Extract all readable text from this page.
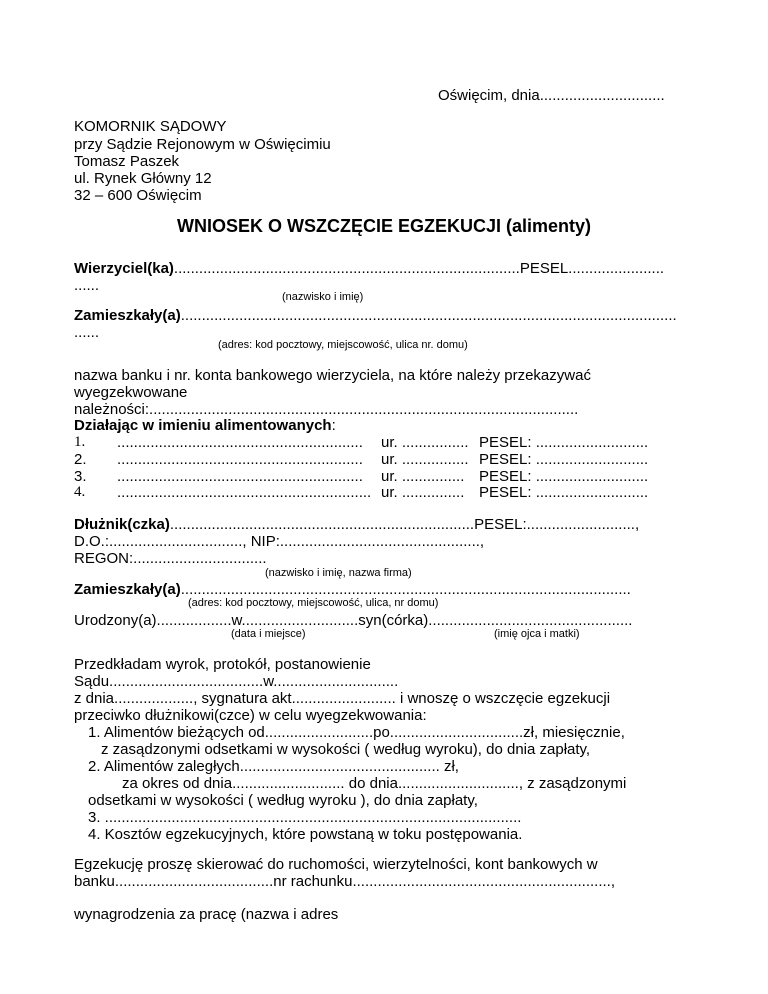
Oświęcim, dnia..............................
KOMORNIK SĄDOWY
przy Sądzie Rejonowym w Oświęcimiu
Tomasz Paszek
ul. Rynek Główny 12
32 – 600 Oświęcim
WNIOSEK O WSZCZĘCIE EGZEKUCJI (alimenty)
Wierzyciel(ka)...................................................................................PESEL.......................
......
(nazwisko i imię)
Zamieszkały(a).......................................................................................................................
......
(adres: kod pocztowy, miejscowość, ulica nr. domu)
nazwa banku i nr. konta bankowego wierzyciela, na które należy przekazywać
wyegzekwowane
należności:.......................................................................................................
Działając w imieniu alimentowanych:
1. ........................................................... ur. ................ PESEL: ...........................
2. ........................................................... ur. ................ PESEL: ...........................
3. ........................................................... ur. ............... PESEL: ...........................
4. ............................................................. ur. ............... PESEL: ...........................
Dłużnik(czka).........................................................................PESEL:..........................,
D.O.:................................, NIP:................................................,
REGON:................................
(nazwisko i imię, nazwa firma)
Zamieszkały(a)............................................................................................................
(adres: kod pocztowy, miejscowość, ulica, nr domu)
Urodzony(a)..................w............................syn(córka).................................................
(data i miejsce)	(imię ojca i matki)
Przedkładam wyrok, protokół, postanowienie
Sądu.....................................w..............................
z dnia..................., sygnatura akt......................... i wnoszę o wszczęcie egzekucji
przeciwko dłużnikowi(czce) w celu wyegzekwowania:
1. Alimentów bieżących od..........................po................................zł, miesięcznie,
z zasądzonymi odsetkami w wysokości ( według wyroku), do dnia zapłaty,
2. Alimentów zaległych................................................ zł,
za okres od dnia........................... do dnia............................., z zasądzonymi
odsetkami w wysokości ( według wyroku ), do dnia zapłaty,
3. ....................................................................................................
4. Kosztów egzekucyjnych, które powstaną w toku postępowania.
Egzekucję proszę skierować do ruchomości, wierzytelności, kont bankowych w
banku......................................nr rachunku..............................................................,
wynagrodzenia za pracę (nazwa i adres
